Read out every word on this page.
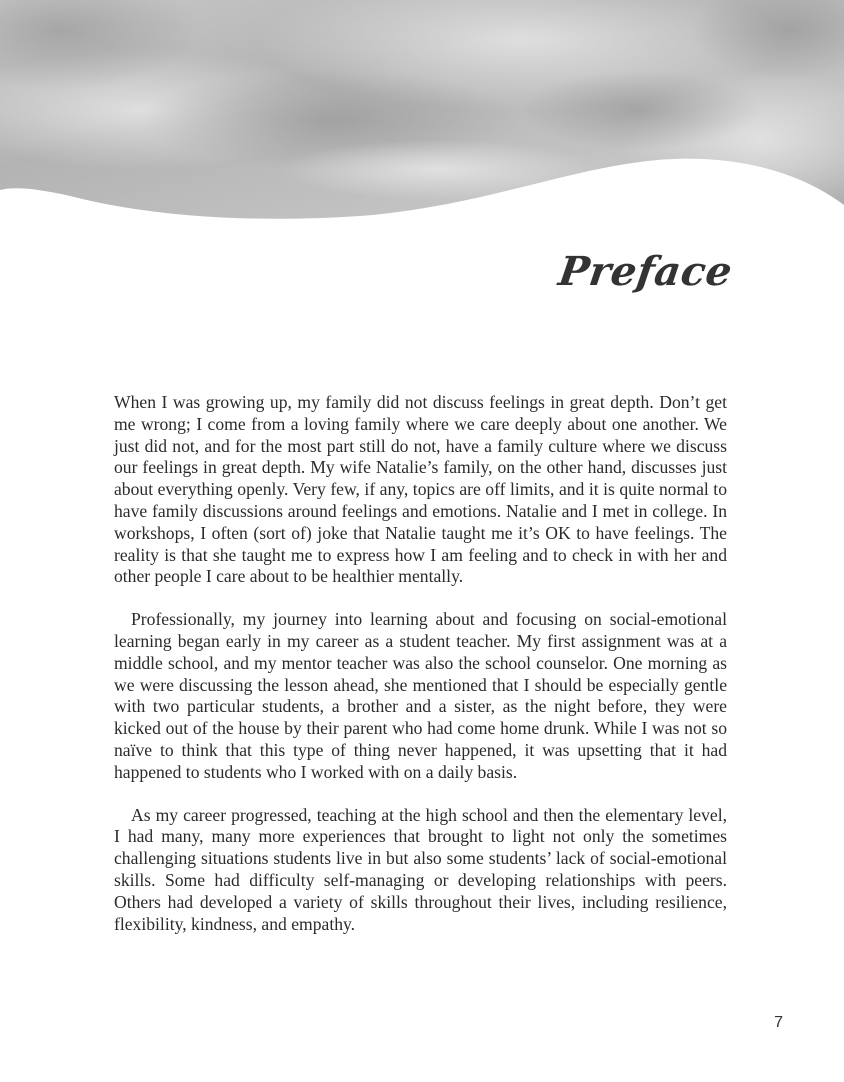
Preface

When I was growing up, my family did not discuss feelings in great depth. Don’t get me wrong; I come from a loving family where we care deeply about one another. We just did not, and for the most part still do not, have a family culture where we discuss our feelings in great depth. My wife Natalie’s family, on the other hand, discusses just about everything openly. Very few, if any, topics are off limits, and it is quite normal to have family discussions around feelings and emotions. Natalie and I met in college. In workshops, I often (sort of) joke that Natalie taught me it’s OK to have feelings. The reality is that she taught me to express how I am feeling and to check in with her and other people I care about to be healthier mentally.

Professionally, my journey into learning about and focusing on social-emotional learning began early in my career as a student teacher. My first assignment was at a middle school, and my mentor teacher was also the school counselor. One morning as we were discussing the lesson ahead, she mentioned that I should be especially gentle with two particular students, a brother and a sister, as the night before, they were kicked out of the house by their parent who had come home drunk. While I was not so naïve to think that this type of thing never happened, it was upsetting that it had happened to students who I worked with on a daily basis.

As my career progressed, teaching at the high school and then the elementary level, I had many, many more experiences that brought to light not only the sometimes challenging situations students live in but also some students’ lack of social-emotional skills. Some had difficulty self-managing or developing relationships with peers. Others had developed a variety of skills throughout their lives, including resilience, flexibility, kindness, and empathy.

7
